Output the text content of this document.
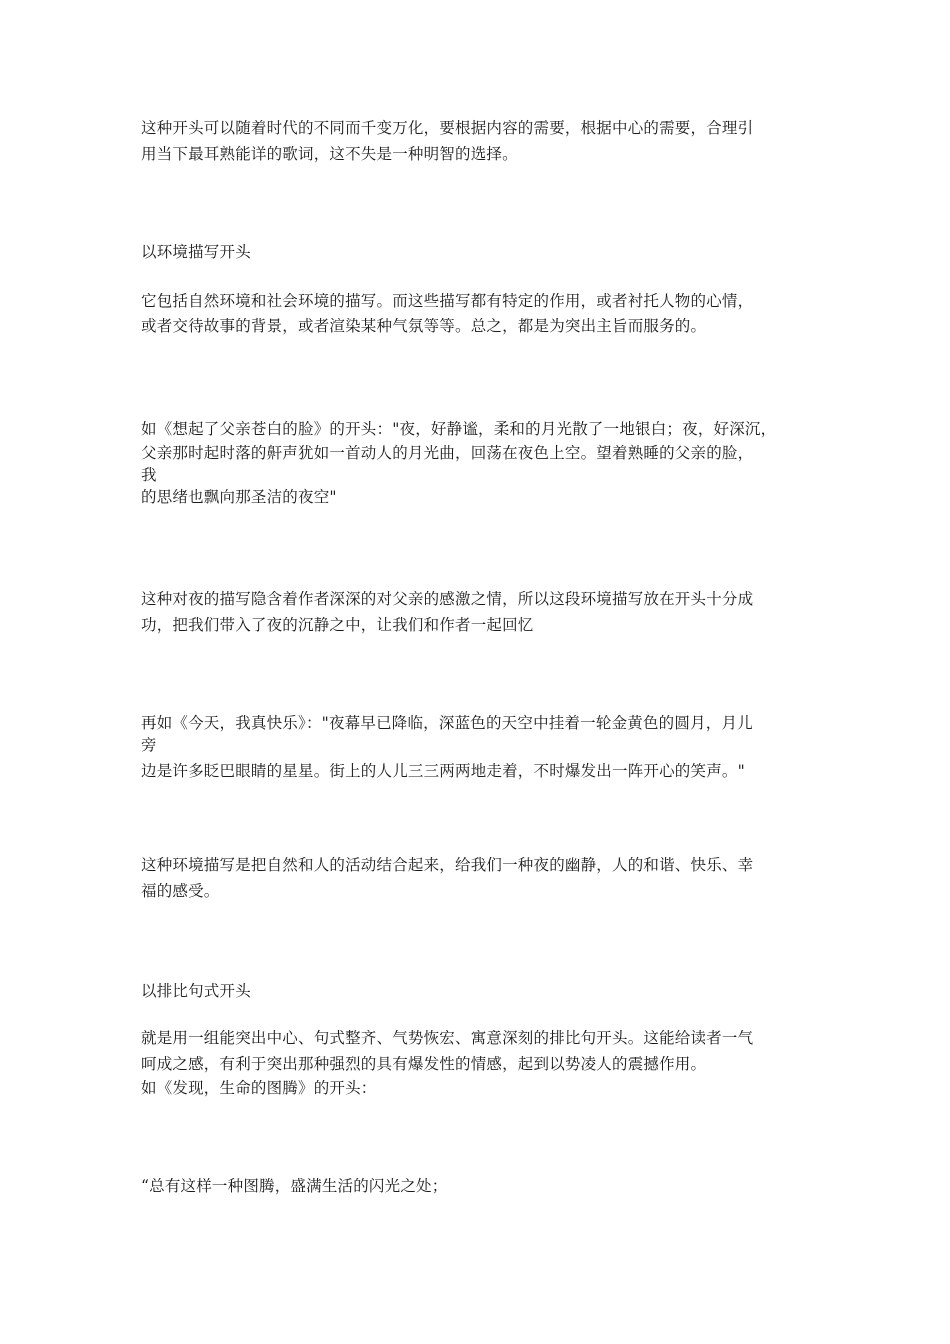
这种开头可以随着时代的不同而千变万化，要根据内容的需要，根据中心的需要，合理引
用当下最耳熟能详的歌词，这不失是一种明智的选择。
以环境描写开头
它包括自然环境和社会环境的描写。而这些描写都有特定的作用，或者衬托人物的心情，
或者交待故事的背景，或者渲染某种气氛等等。总之，都是为突出主旨而服务的。
如《想起了父亲苍白的脸》的开头："夜，好静谧，柔和的月光散了一地银白；夜，好深沉，
父亲那时起时落的鼾声犹如一首动人的月光曲，回荡在夜色上空。望着熟睡的父亲的脸，
我
的思绪也飘向那圣洁的夜空"
这种对夜的描写隐含着作者深深的对父亲的感激之情，所以这段环境描写放在开头十分成
功，把我们带入了夜的沉静之中，让我们和作者一起回忆
再如《今天，我真快乐》："夜幕早已降临，深蓝色的天空中挂着一轮金黄色的圆月，月儿
旁
边是许多眨巴眼睛的星星。街上的人儿三三两两地走着，不时爆发出一阵开心的笑声。"
这种环境描写是把自然和人的活动结合起来，给我们一种夜的幽静，人的和谐、快乐、幸
福的感受。
以排比句式开头
就是用一组能突出中心、句式整齐、气势恢宏、寓意深刻的排比句开头。这能给读者一气
呵成之感，有利于突出那种强烈的具有爆发性的情感，起到以势凌人的震撼作用。
如《发现，生命的图腾》的开头：
“总有这样一种图腾，盛满生活的闪光之处；
